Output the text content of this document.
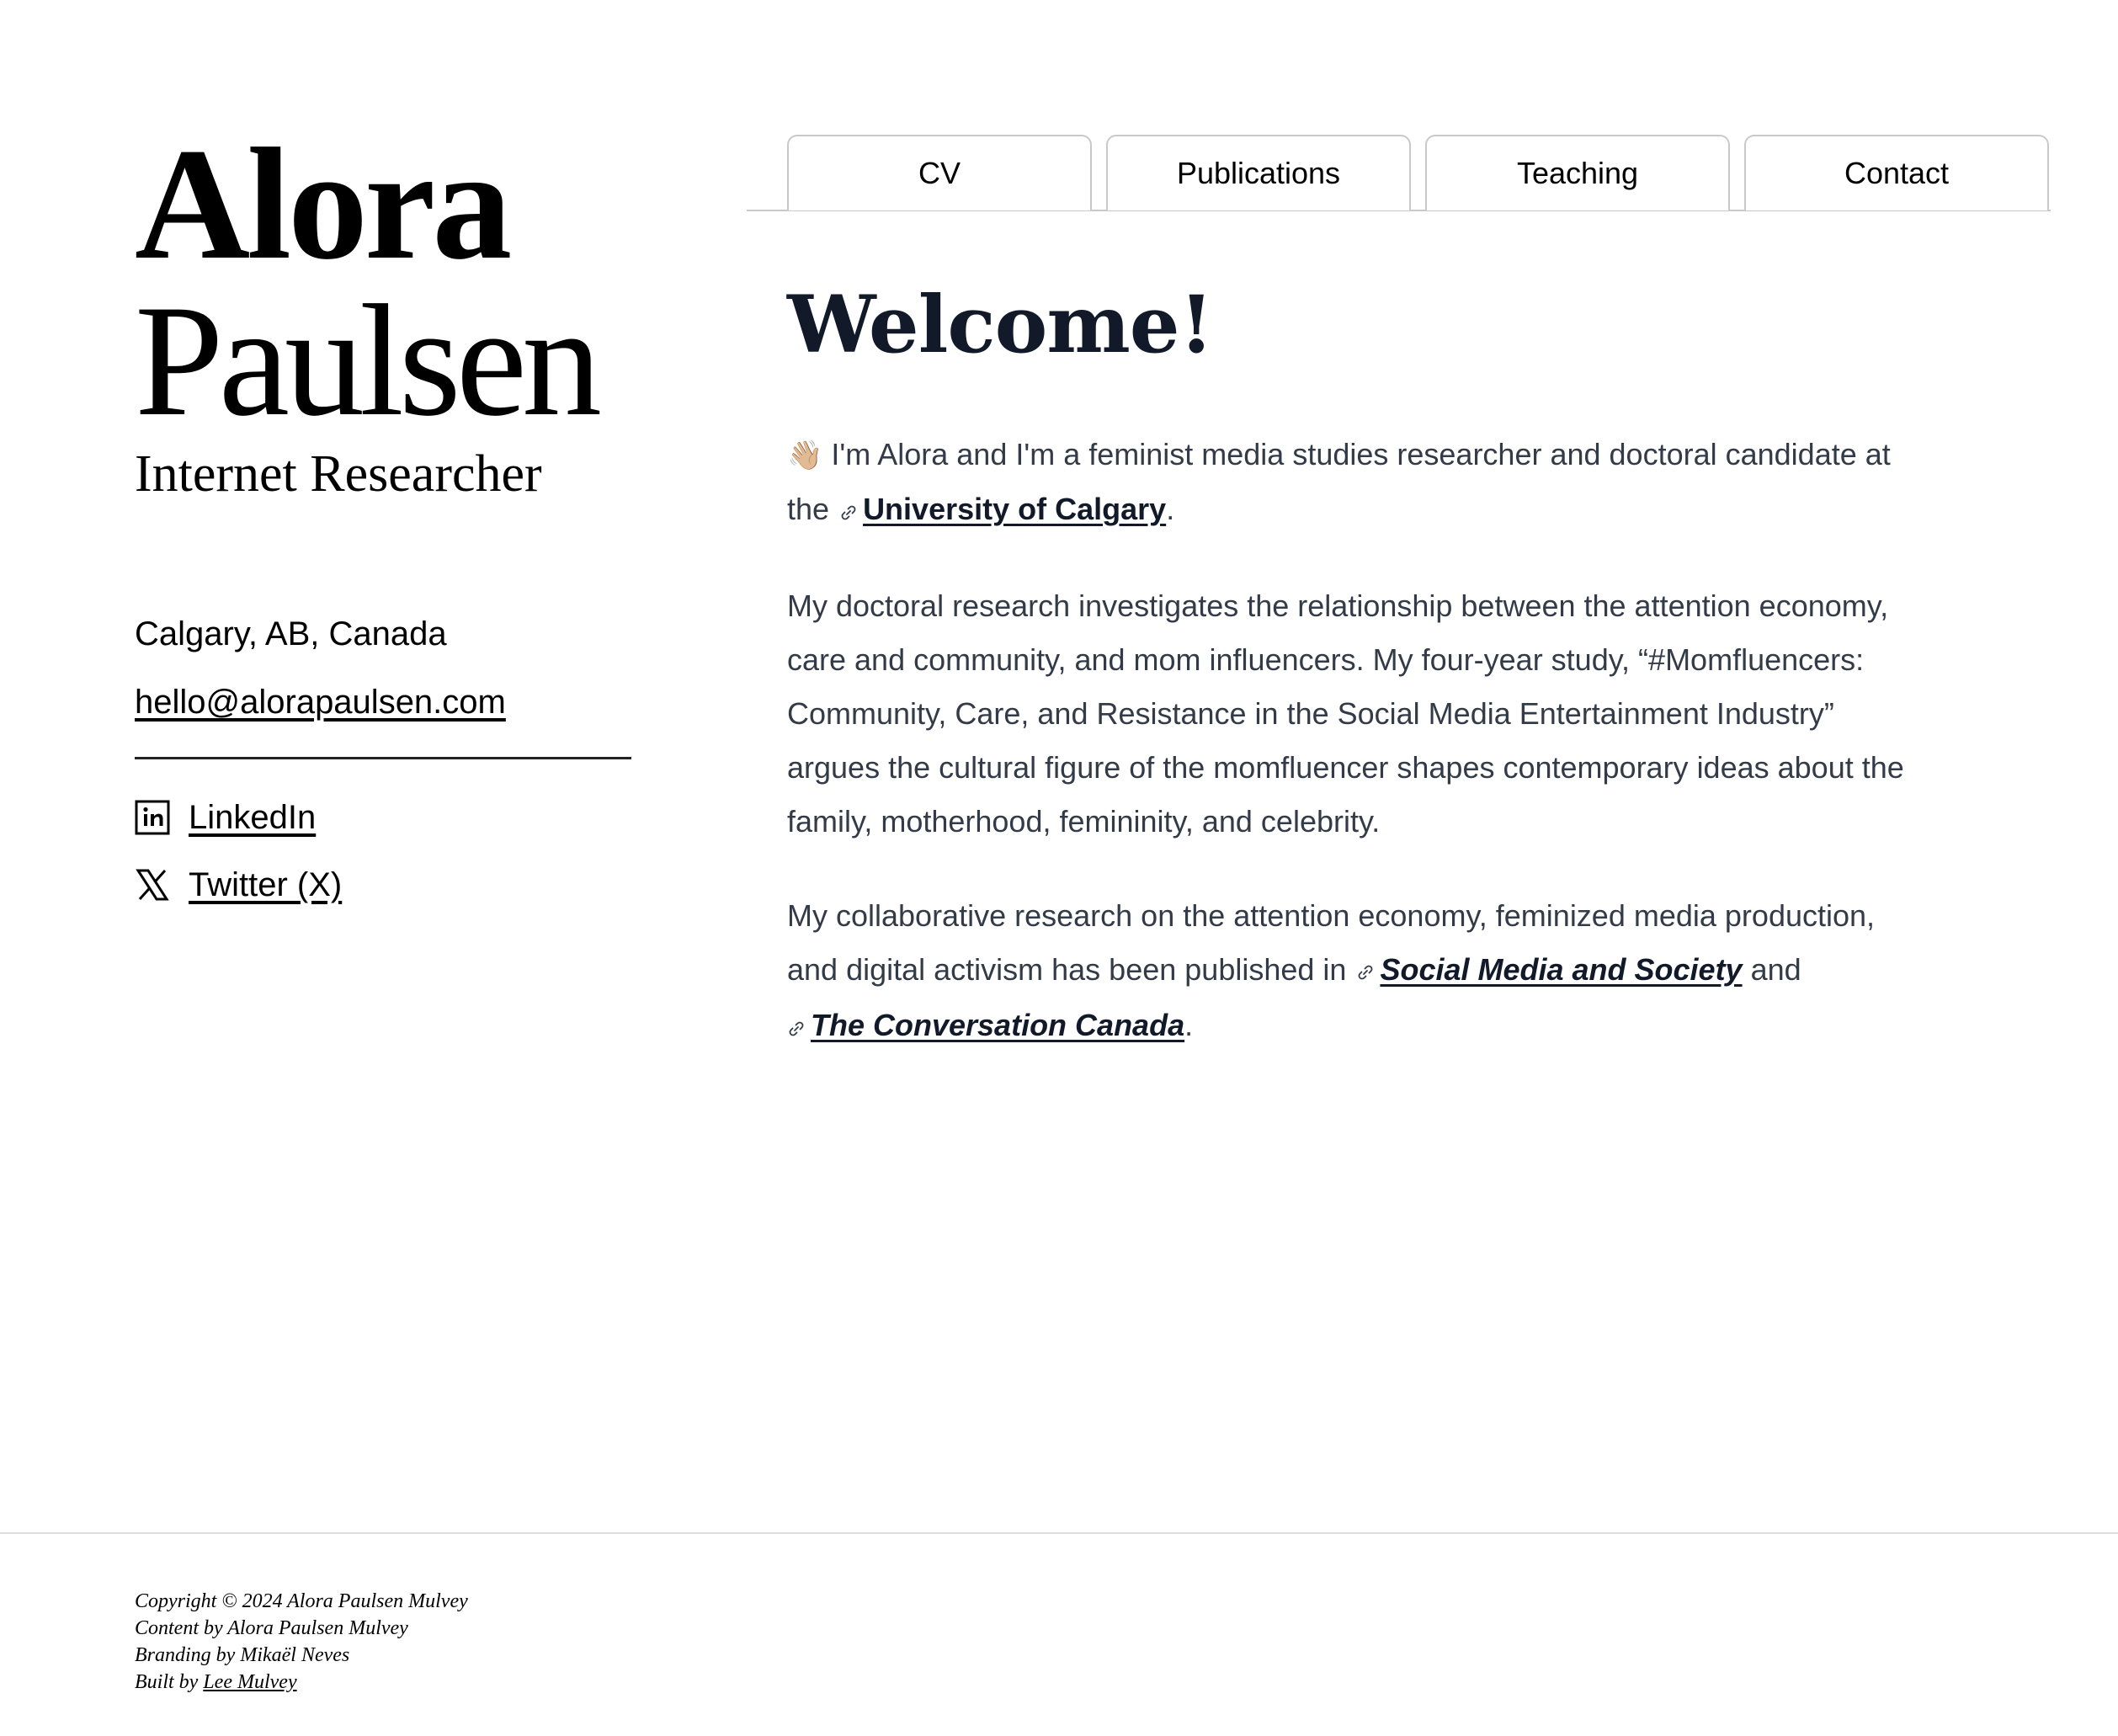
Alora
Paulsen
Internet Researcher
Calgary, AB, Canada
hello@alorapaulsen.com
LinkedIn
Twitter (X)
CV	Publications	Teaching	Contact
Welcome!

👋🏼 I'm Alora and I'm a feminist media studies researcher and doctoral candidate at the University of Calgary.

My doctoral research investigates the relationship between the attention economy, care and community, and mom influencers. My four-year study, “#Momfluencers: Community, Care, and Resistance in the Social Media Entertainment Industry” argues the cultural figure of the momfluencer shapes contemporary ideas about the family, motherhood, femininity, and celebrity.

My collaborative research on the attention economy, feminized media production, and digital activism has been published in Social Media and Society and
The Conversation Canada.

Copyright © 2024 Alora Paulsen Mulvey
Content by Alora Paulsen Mulvey
Branding by Mikaël Neves
Built by Lee Mulvey
